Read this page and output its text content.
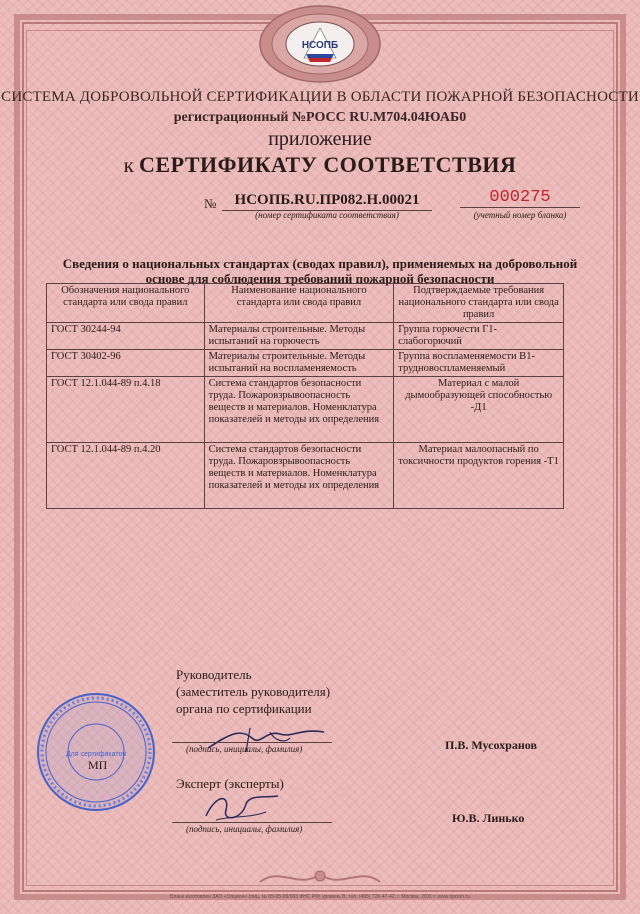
НСОПБ
СИСТЕМА ДОБРОВОЛЬНОЙ СЕРТИФИКАЦИИ В ОБЛАСТИ ПОЖАРНОЙ БЕЗОПАСНОСТИ
регистрационный №РОСС RU.М704.04ЮАБ0
приложение
к СЕРТИФИКАТУ СООТВЕТСТВИЯ
№	НСОПБ.RU.ПР082.Н.00021
(номер сертификата соответствия)
000275
(учетный номер бланка)
Сведения о национальных стандартах (сводах правил), применяемых на добровольной основе для соблюдения требований пожарной безопасности
Обозначения национального стандарта или свода правил	Наименование национального стандарта или свода правил	Подтверждаемые требования национального стандарта или свода правил
ГОСТ 30244-94	Материалы строительные. Методы испытаний на горючесть	Группа горючести Г1- слабогорючий
ГОСТ 30402-96	Материалы строительные. Методы испытаний на воспламеняемость	Группа воспламеняемости В1- трудновоспламеняемый
ГОСТ 12.1.044-89 п.4.18	Система стандартов безопасности труда. Пожаровзрывоопасность веществ и материалов. Номенклатура показателей и методы их определения	Материал с малой дымообразующей способностью -Д1
ГОСТ 12.1.044-89 п.4.20	Система стандартов безопасности труда. Пожаровзрывоопасность веществ и материалов. Номенклатура показателей и методы их определения	Материал малоопасный по токсичности продуктов горения -Т1
Руководитель
(заместитель руководителя)
органа по сертификации
(подпись, инициалы, фамилия)	П.В. Мусохранов
Эксперт (эксперты)
(подпись, инициалы, фамилия)
Ю.В. Линько
Для сертификатов
МП
Бланк изготовлен ЗАО «Опцион» (лиц. № 05-05-09/003 ФНС РФ) уровень В, тел. (495) 726-47-42, г. Москва, 2011 г. www.opcion.ru
